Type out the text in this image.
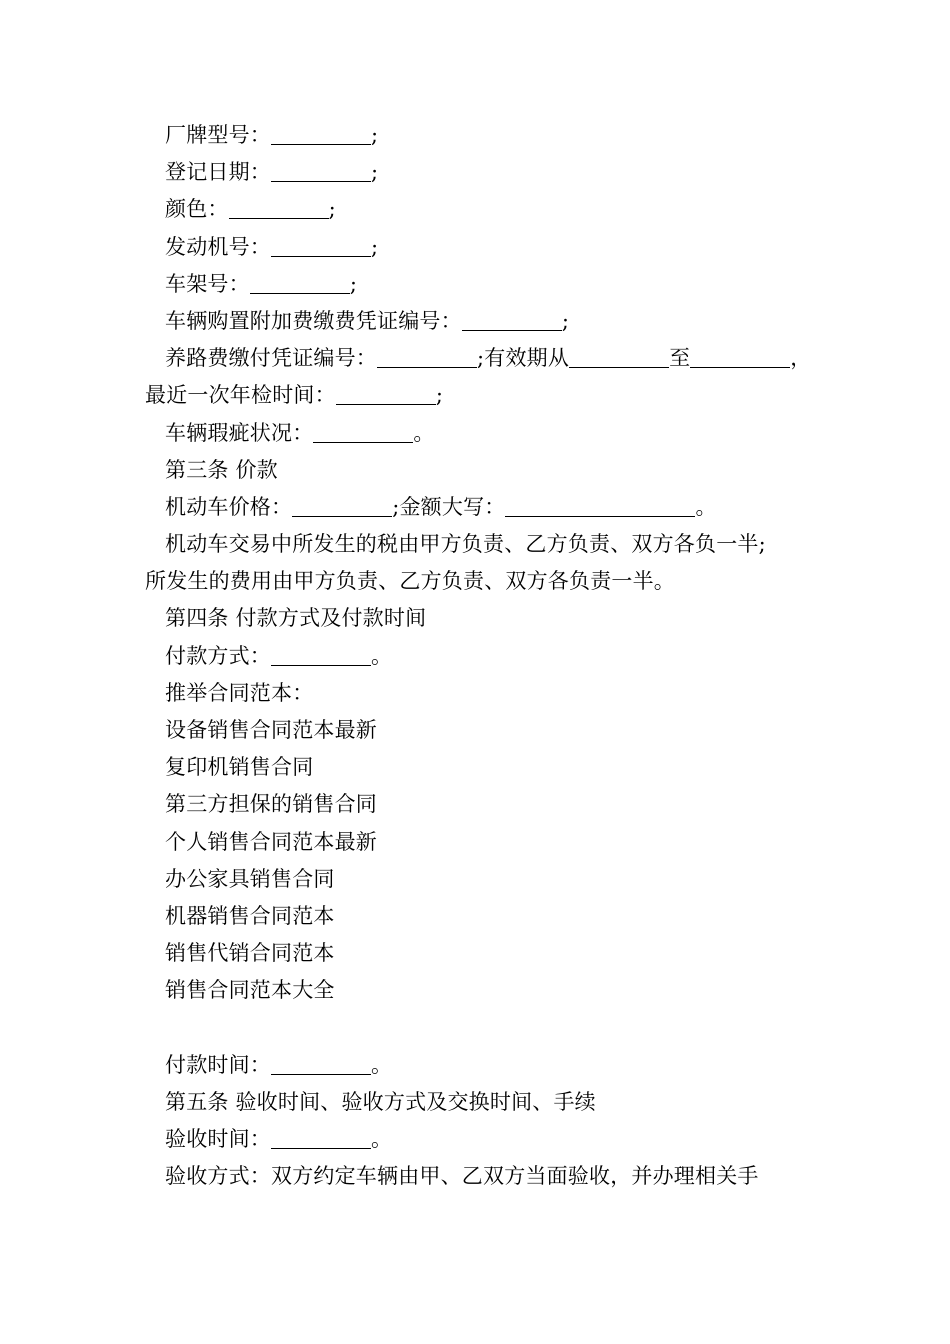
厂牌型号：	;
登记日期：	;
颜色：	;
发动机号：	;
车架号：	;
车辆购置附加费缴费凭证编号：	;
养路费缴付凭证编号：	;有效期从	至	，
最近一次年检时间：	;
车辆瑕疵状况：	。
第三条 价款
机动车价格：	;金额大写：	。
机动车交易中所发生的税由甲方负责、乙方负责、双方各负一半;
所发生的费用由甲方负责、乙方负责、双方各负责一半。
第四条 付款方式及付款时间
付款方式：	。
推举合同范本：
设备销售合同范本最新
复印机销售合同
第三方担保的销售合同
个人销售合同范本最新
办公家具销售合同
机器销售合同范本
销售代销合同范本
销售合同范本大全
付款时间：	。
第五条 验收时间、验收方式及交换时间、手续
验收时间：	。
验收方式：双方约定车辆由甲、乙双方当面验收，并办理相关手
